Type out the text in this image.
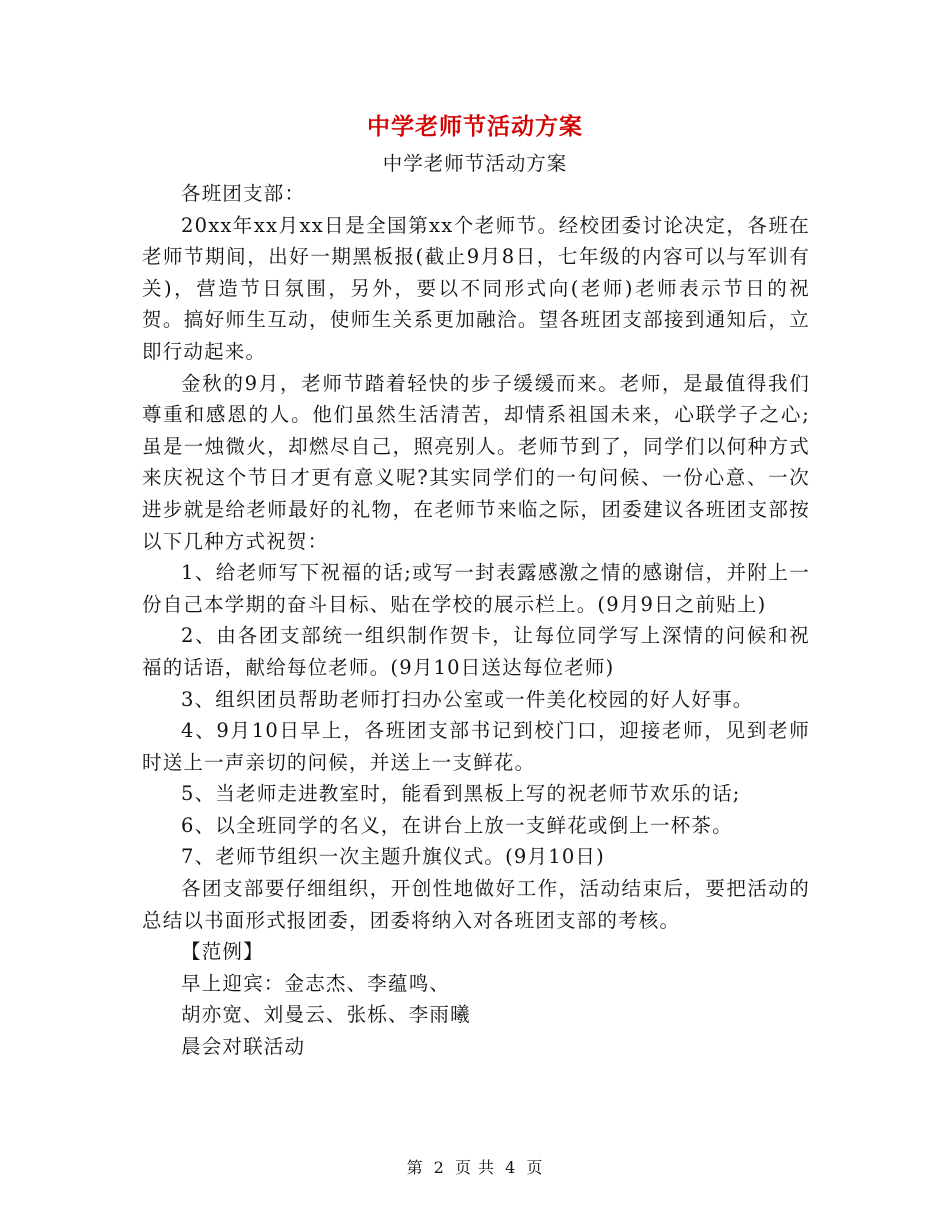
中学老师节活动方案
中学老师节活动方案

各班团支部：

20xx年xx月xx日是全国第xx个老师节。经校团委讨论决定，各班在老师节期间，出好一期黑板报(截止9月8日，七年级的内容可以与军训有关)，营造节日氛围，另外，要以不同形式向(老师)老师表示节日的祝贺。搞好师生互动，使师生关系更加融洽。望各班团支部接到通知后，立即行动起来。

金秋的9月，老师节踏着轻快的步子缓缓而来。老师，是最值得我们尊重和感恩的人。他们虽然生活清苦，却情系祖国未来，心联学子之心;虽是一烛微火，却燃尽自己，照亮别人。老师节到了，同学们以何种方式来庆祝这个节日才更有意义呢?其实同学们的一句问候、一份心意、一次进步就是给老师最好的礼物，在老师节来临之际，团委建议各班团支部按以下几种方式祝贺：

1、给老师写下祝福的话;或写一封表露感激之情的感谢信，并附上一份自己本学期的奋斗目标、贴在学校的展示栏上。(9月9日之前贴上)

2、由各团支部统一组织制作贺卡，让每位同学写上深情的问候和祝福的话语，献给每位老师。(9月10日送达每位老师)

3、组织团员帮助老师打扫办公室或一件美化校园的好人好事。

4、9月10日早上，各班团支部书记到校门口，迎接老师，见到老师时送上一声亲切的问候，并送上一支鲜花。

5、当老师走进教室时，能看到黑板上写的祝老师节欢乐的话;

6、以全班同学的名义，在讲台上放一支鲜花或倒上一杯茶。

7、老师节组织一次主题升旗仪式。(9月10日)

各团支部要仔细组织，开创性地做好工作，活动结束后，要把活动的总结以书面形式报团委，团委将纳入对各班团支部的考核。

【范例】

早上迎宾：金志杰、李蕴鸣、

胡亦宽、刘曼云、张栎、李雨曦

晨会对联活动

第 2 页 共 4 页
